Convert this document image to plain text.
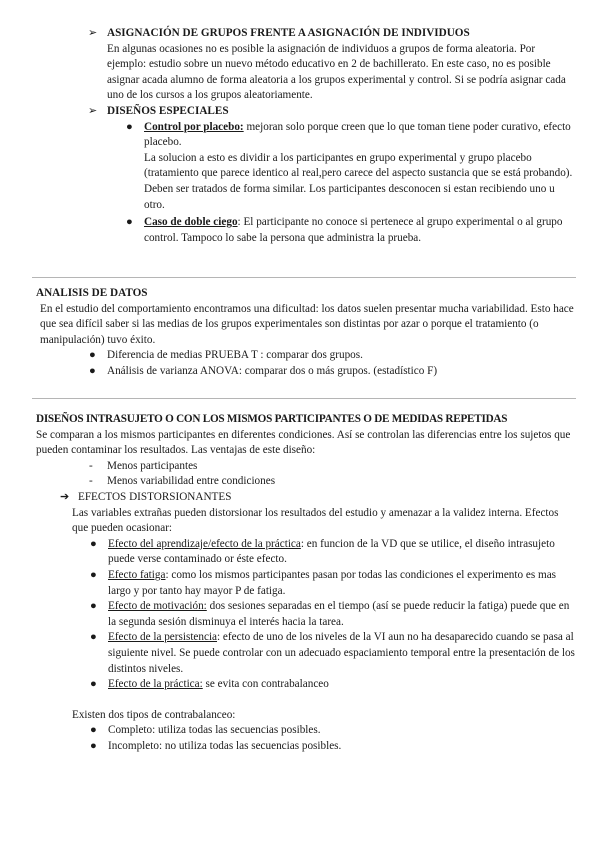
➢ ASIGNACIÓN DE GRUPOS FRENTE A ASIGNACIÓN DE INDIVIDUOS

En algunas ocasiones no es posible la asignación de individuos a grupos de forma aleatoria. Por ejemplo: estudio sobre un nuevo método educativo en 2 de bachillerato. En este caso, no es posible asignar acada alumno de forma aleatoria a los grupos experimental y control. Si se podría asignar cada uno de los cursos a los grupos aleatoriamente.

➢ DISEÑOS ESPECIALES

● Control por placebo: mejoran solo porque creen que lo que toman tiene poder curativo, efecto placebo.

La solucion a esto es dividir a los participantes en grupo experimental y grupo placebo (tratamiento que parece identico al real,pero carece del aspecto sustancia que se está probando). Deben ser tratados de forma similar. Los participantes desconocen si estan recibiendo uno u otro.

● Caso de doble ciego: El participante no conoce si pertenece al grupo experimental o al grupo control. Tampoco lo sabe la persona que administra la prueba.

ANALISIS DE DATOS

En el estudio del comportamiento encontramos una dificultad: los datos suelen presentar mucha variabilidad. Esto hace que sea difícil saber si las medias de los grupos experimentales son distintas por azar o porque el tratamiento (o manipulación) tuvo éxito.

● Diferencia de medias PRUEBA T : comparar dos grupos.

● Análisis de varianza ANOVA: comparar dos o más grupos. (estadístico F)

DISEÑOS INTRASUJETO O CON LOS MISMOS PARTICIPANTES O DE MEDIDAS REPETIDAS

Se comparan a los mismos participantes en diferentes condiciones. Así se controlan las diferencias entre los sujetos que pueden contaminar los resultados. Las ventajas de este diseño:

- Menos participantes

- Menos variabilidad entre condiciones

➔ EFECTOS DISTORSIONANTES

Las variables extrañas pueden distorsionar los resultados del estudio y amenazar a la validez interna. Efectos que pueden ocasionar:

● Efecto del aprendizaje/efecto de la práctica: en funcion de la VD que se utilice, el diseño intrasujeto puede verse contaminado or éste efecto.

● Efecto fatiga: como los mismos participantes pasan por todas las condiciones el experimento es mas largo y por tanto hay mayor P de fatiga.

● Efecto de motivación: dos sesiones separadas en el tiempo (así se puede reducir la fatiga) puede que en la segunda sesión disminuya el interés hacia la tarea.

● Efecto de la persistencia: efecto de uno de los niveles de la VI aun no ha desaparecido cuando se pasa al siguiente nivel. Se puede controlar con un adecuado espaciamiento temporal entre la presentación de los distintos niveles.

● Efecto de la práctica: se evita con contrabalanceo

Existen dos tipos de contrabalanceo:

● Completo: utiliza todas las secuencias posibles.

● Incompleto: no utiliza todas las secuencias posibles.
